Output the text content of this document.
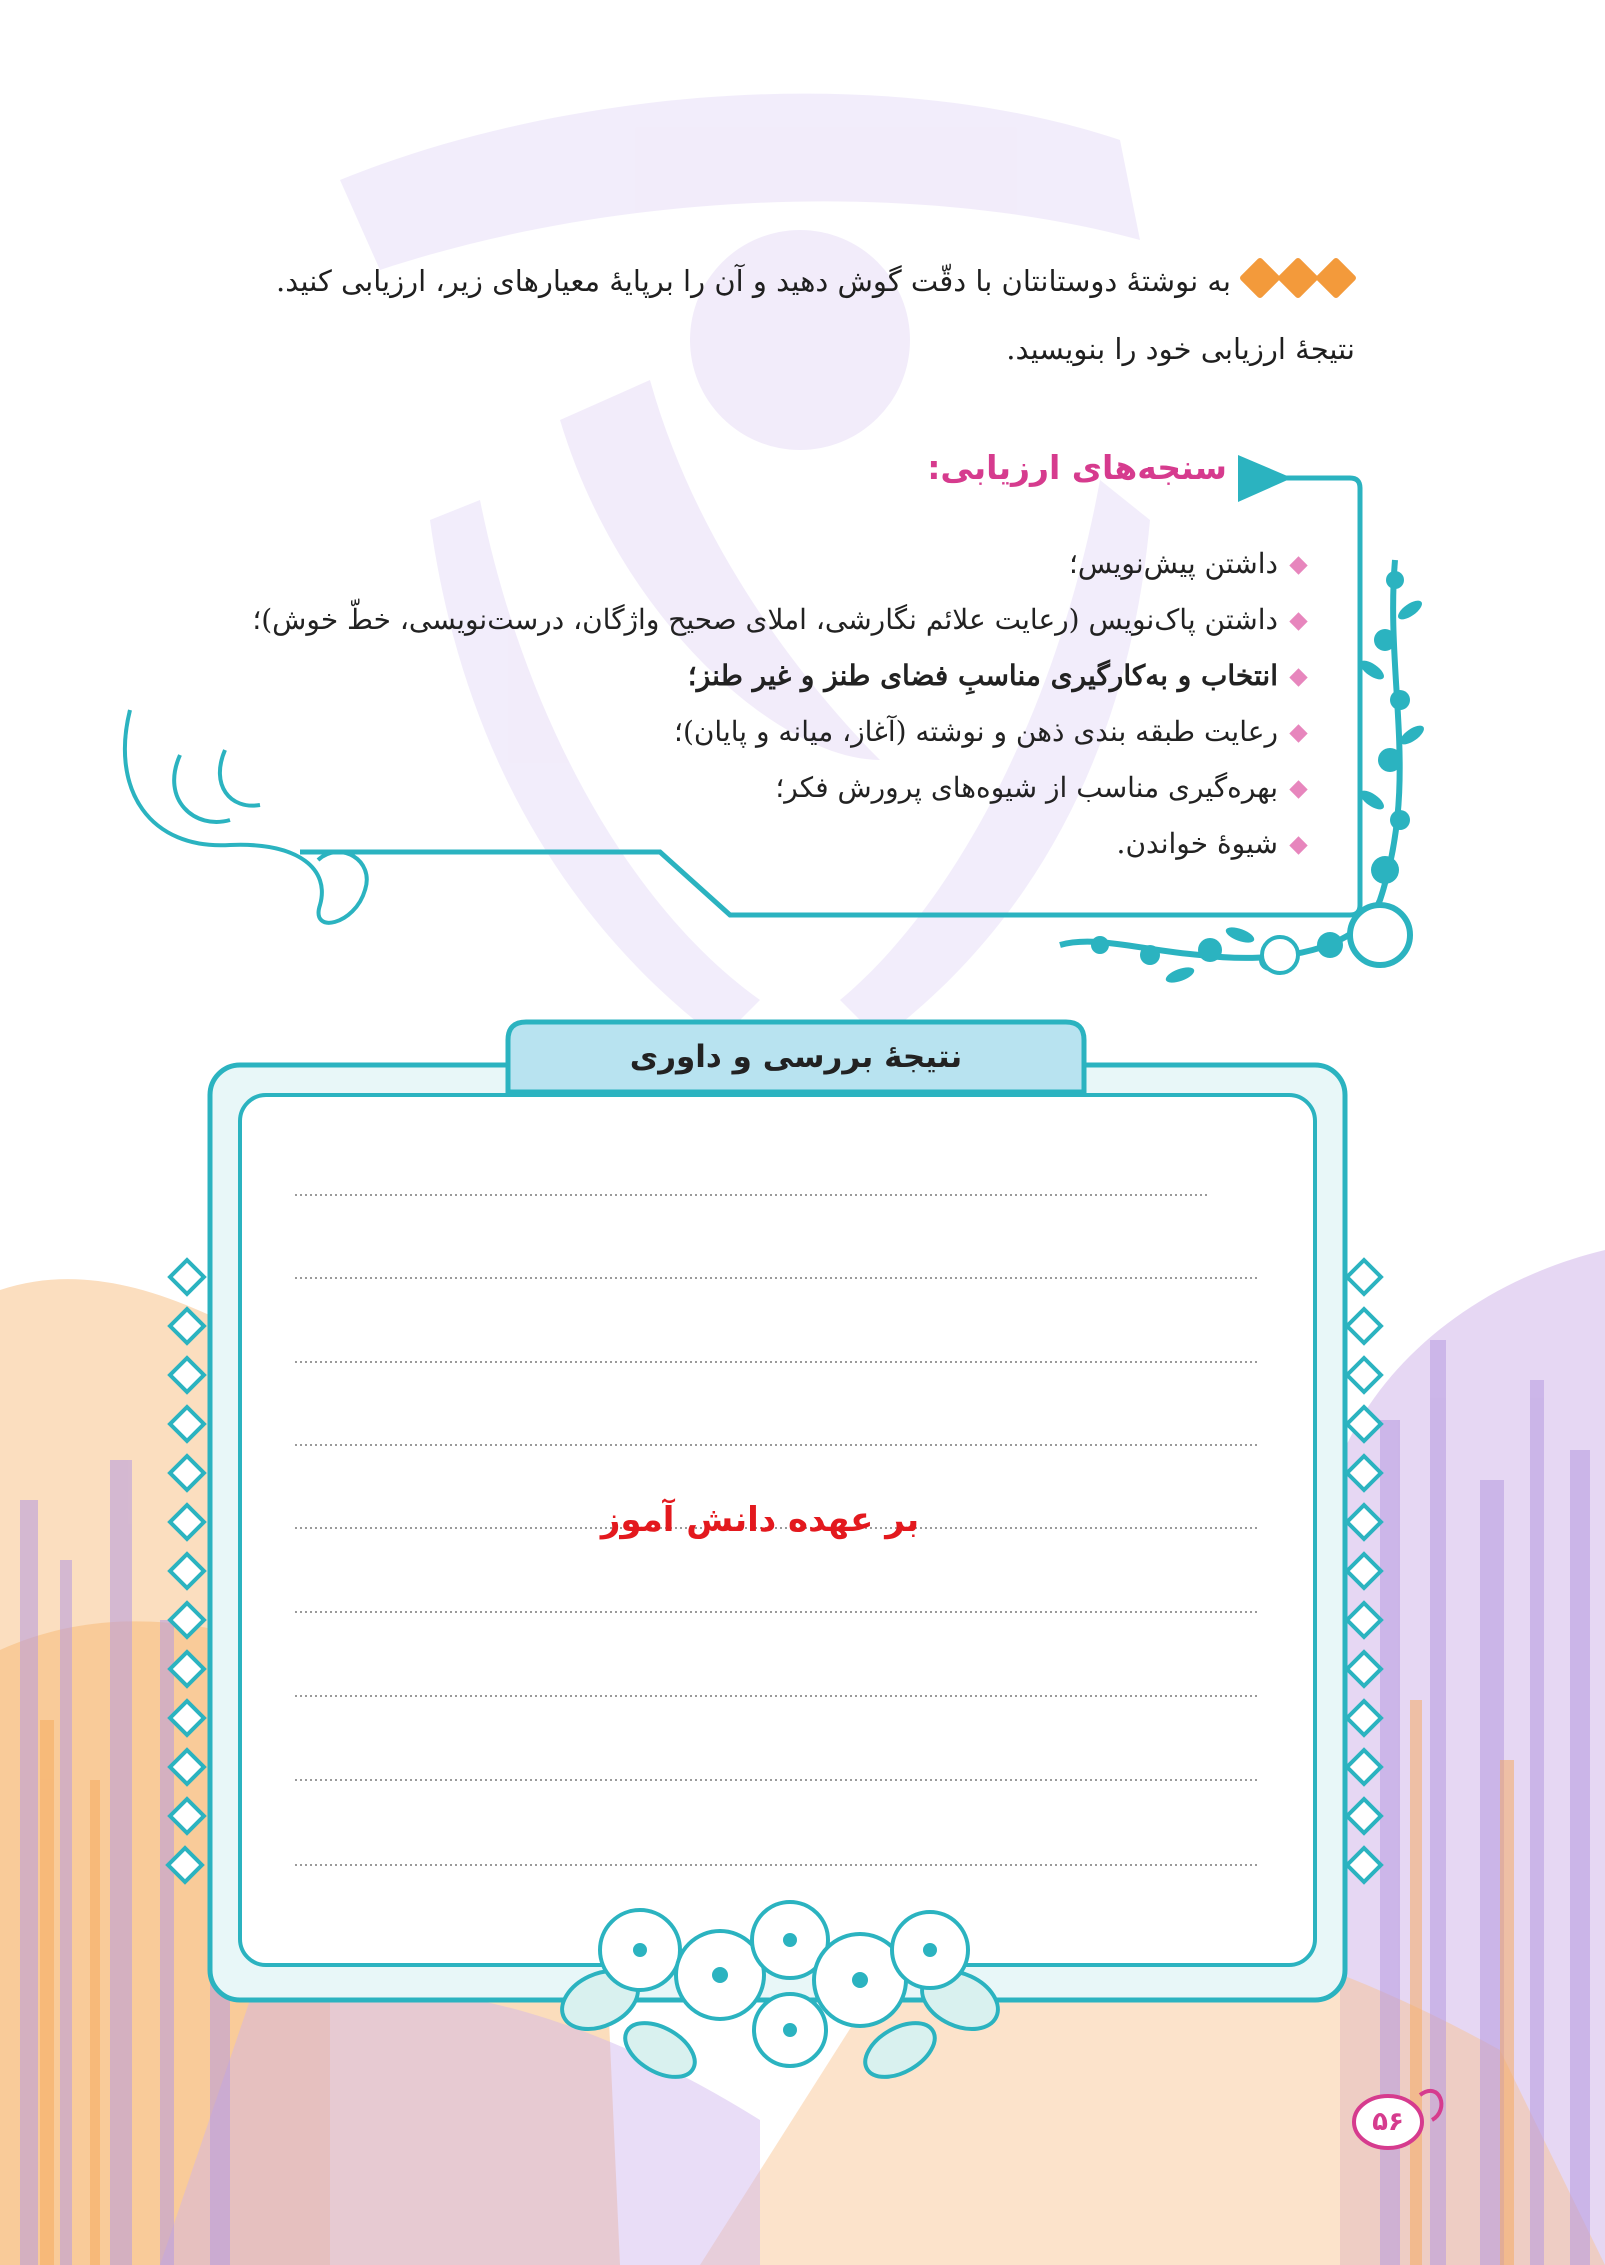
به نوشتهٔ دوستانتان با دقّت گوش دهید و آن را برپایهٔ معیارهای زیر، ارزیابی کنید.
نتیجهٔ ارزیابی خود را بنویسید.
سنجه‌های ارزیابی:
داشتن پیش‌نویس؛
داشتن پاک‌نویس (رعایت علائم نگارشی، املای صحیح واژگان، درست‌نویسی، خطّ خوش)؛
انتخاب و به‌کارگیری مناسبِ فضای طنز و غیر طنز؛
رعایت طبقه بندی ذهن و نوشته (آغاز، میانه و پایان)؛
بهره‌گیری مناسب از شیوه‌های پرورش فکر؛
شیوهٔ خواندن.
نتیجهٔ بررسی و داوری
بر عهده دانش آموز
۵۶
